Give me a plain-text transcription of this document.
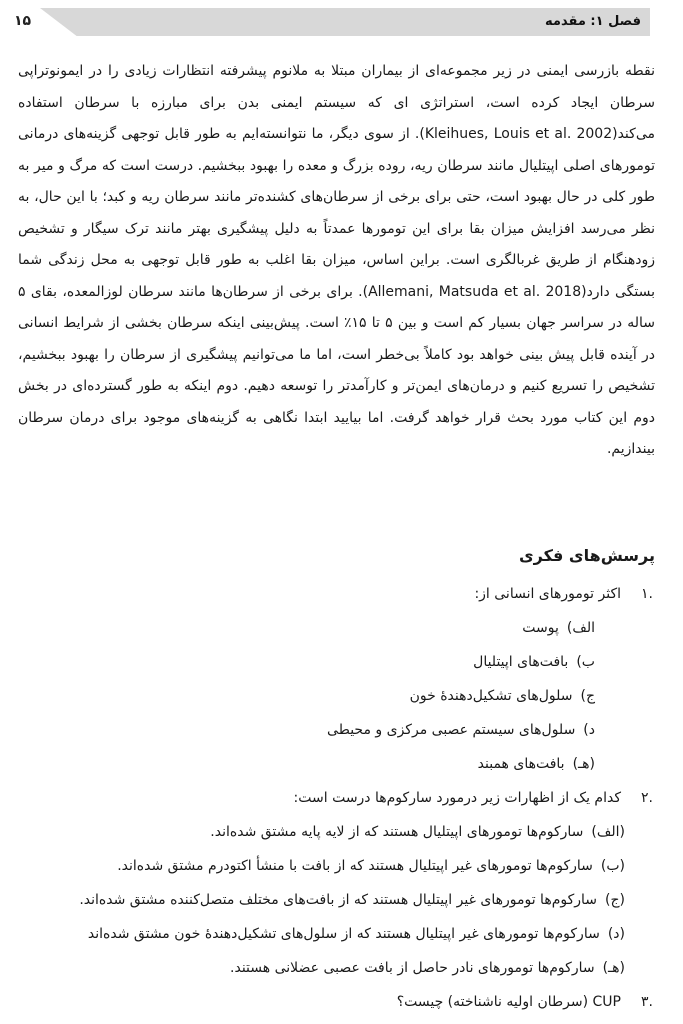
۱۵	فصل ۱: مقدمه

نقطه بازرسی ایمنی در زیر مجموعه‌ای از بیماران مبتلا به ملانوم پیشرفته انتظارات زیادی را در ایمونوتراپی سرطان ایجاد کرده است، استراتژی ای که سیستم ایمنی بدن برای مبارزه با سرطان استفاده می‌کند(Kleihues, Louis et al. 2002). از سوی دیگر، ما نتوانسته‌ایم به طور قابل توجهی گزینه‌های درمانی تومورهای اصلی اپیتلیال مانند سرطان ریه، روده بزرگ و معده را بهبود ببخشیم. درست است که مرگ و میر به طور کلی در حال بهبود است، حتی برای برخی از سرطان‌های کشنده‌تر مانند سرطان ریه و کبد؛ با این حال، به نظر می‌رسد افزایش میزان بقا برای این تومورها عمدتاً به دلیل پیشگیری بهتر مانند ترک سیگار و تشخیص زودهنگام از طریق غربالگری است. براین اساس، میزان بقا اغلب به طور قابل توجهی به محل زندگی شما بستگی دارد(Allemani, Matsuda et al. 2018). برای برخی از سرطان‌ها مانند سرطان لوزالمعده، بقای ۵ ساله در سراسر جهان بسیار کم است و بین ۵ تا ۱۵٪ است. پیش‌بینی اینکه سرطان بخشی از شرایط انسانی در آینده قابل پیش بینی خواهد بود کاملاً بی‌خطر است، اما ما می‌توانیم پیشگیری از سرطان را بهبود ببخشیم، تشخیص را تسریع کنیم و درمان‌های ایمن‌تر و کارآمدتر را توسعه دهیم. دوم اینکه به طور گسترده‌ای در بخش دوم این کتاب مورد بحث قرار خواهد گرفت. اما بیایید ابتدا نگاهی به گزینه‌های موجود برای درمان سرطان بیندازیم.

پرسش‌های فکری
.۱اکثر تومورهای انسانی از:
الف)پوست
ب)بافت‌های اپیتلیال
ج)سلول‌های تشکیل‌دهندهٔ خون
د)سلول‌های سیستم عصبی مرکزی و محیطی
(هـ)بافت‌های همبند
.۲کدام یک از اظهارات زیر درمورد سارکوم‌ها درست است:
(الف)سارکوم‌ها تومورهای اپیتلیال هستند که از لایه پایه مشتق شده‌اند.
(ب)سارکوم‌ها تومورهای غیر اپیتلیال هستند که از بافت با منشأ اکتودرم مشتق شده‌اند.
(ج)سارکوم‌ها تومورهای غیر اپیتلیال هستند که از بافت‌های مختلف متصل‌کننده مشتق شده‌اند.
(د)سارکوم‌ها تومورهای غیر اپیتلیال هستند که از سلول‌های تشکیل‌دهندهٔ خون مشتق شده‌اند
(هـ)سارکوم‌ها تومورهای نادر حاصل از بافت عصبی عضلانی هستند.
.۳CUP (سرطان اولیه ناشناخته) چیست؟
